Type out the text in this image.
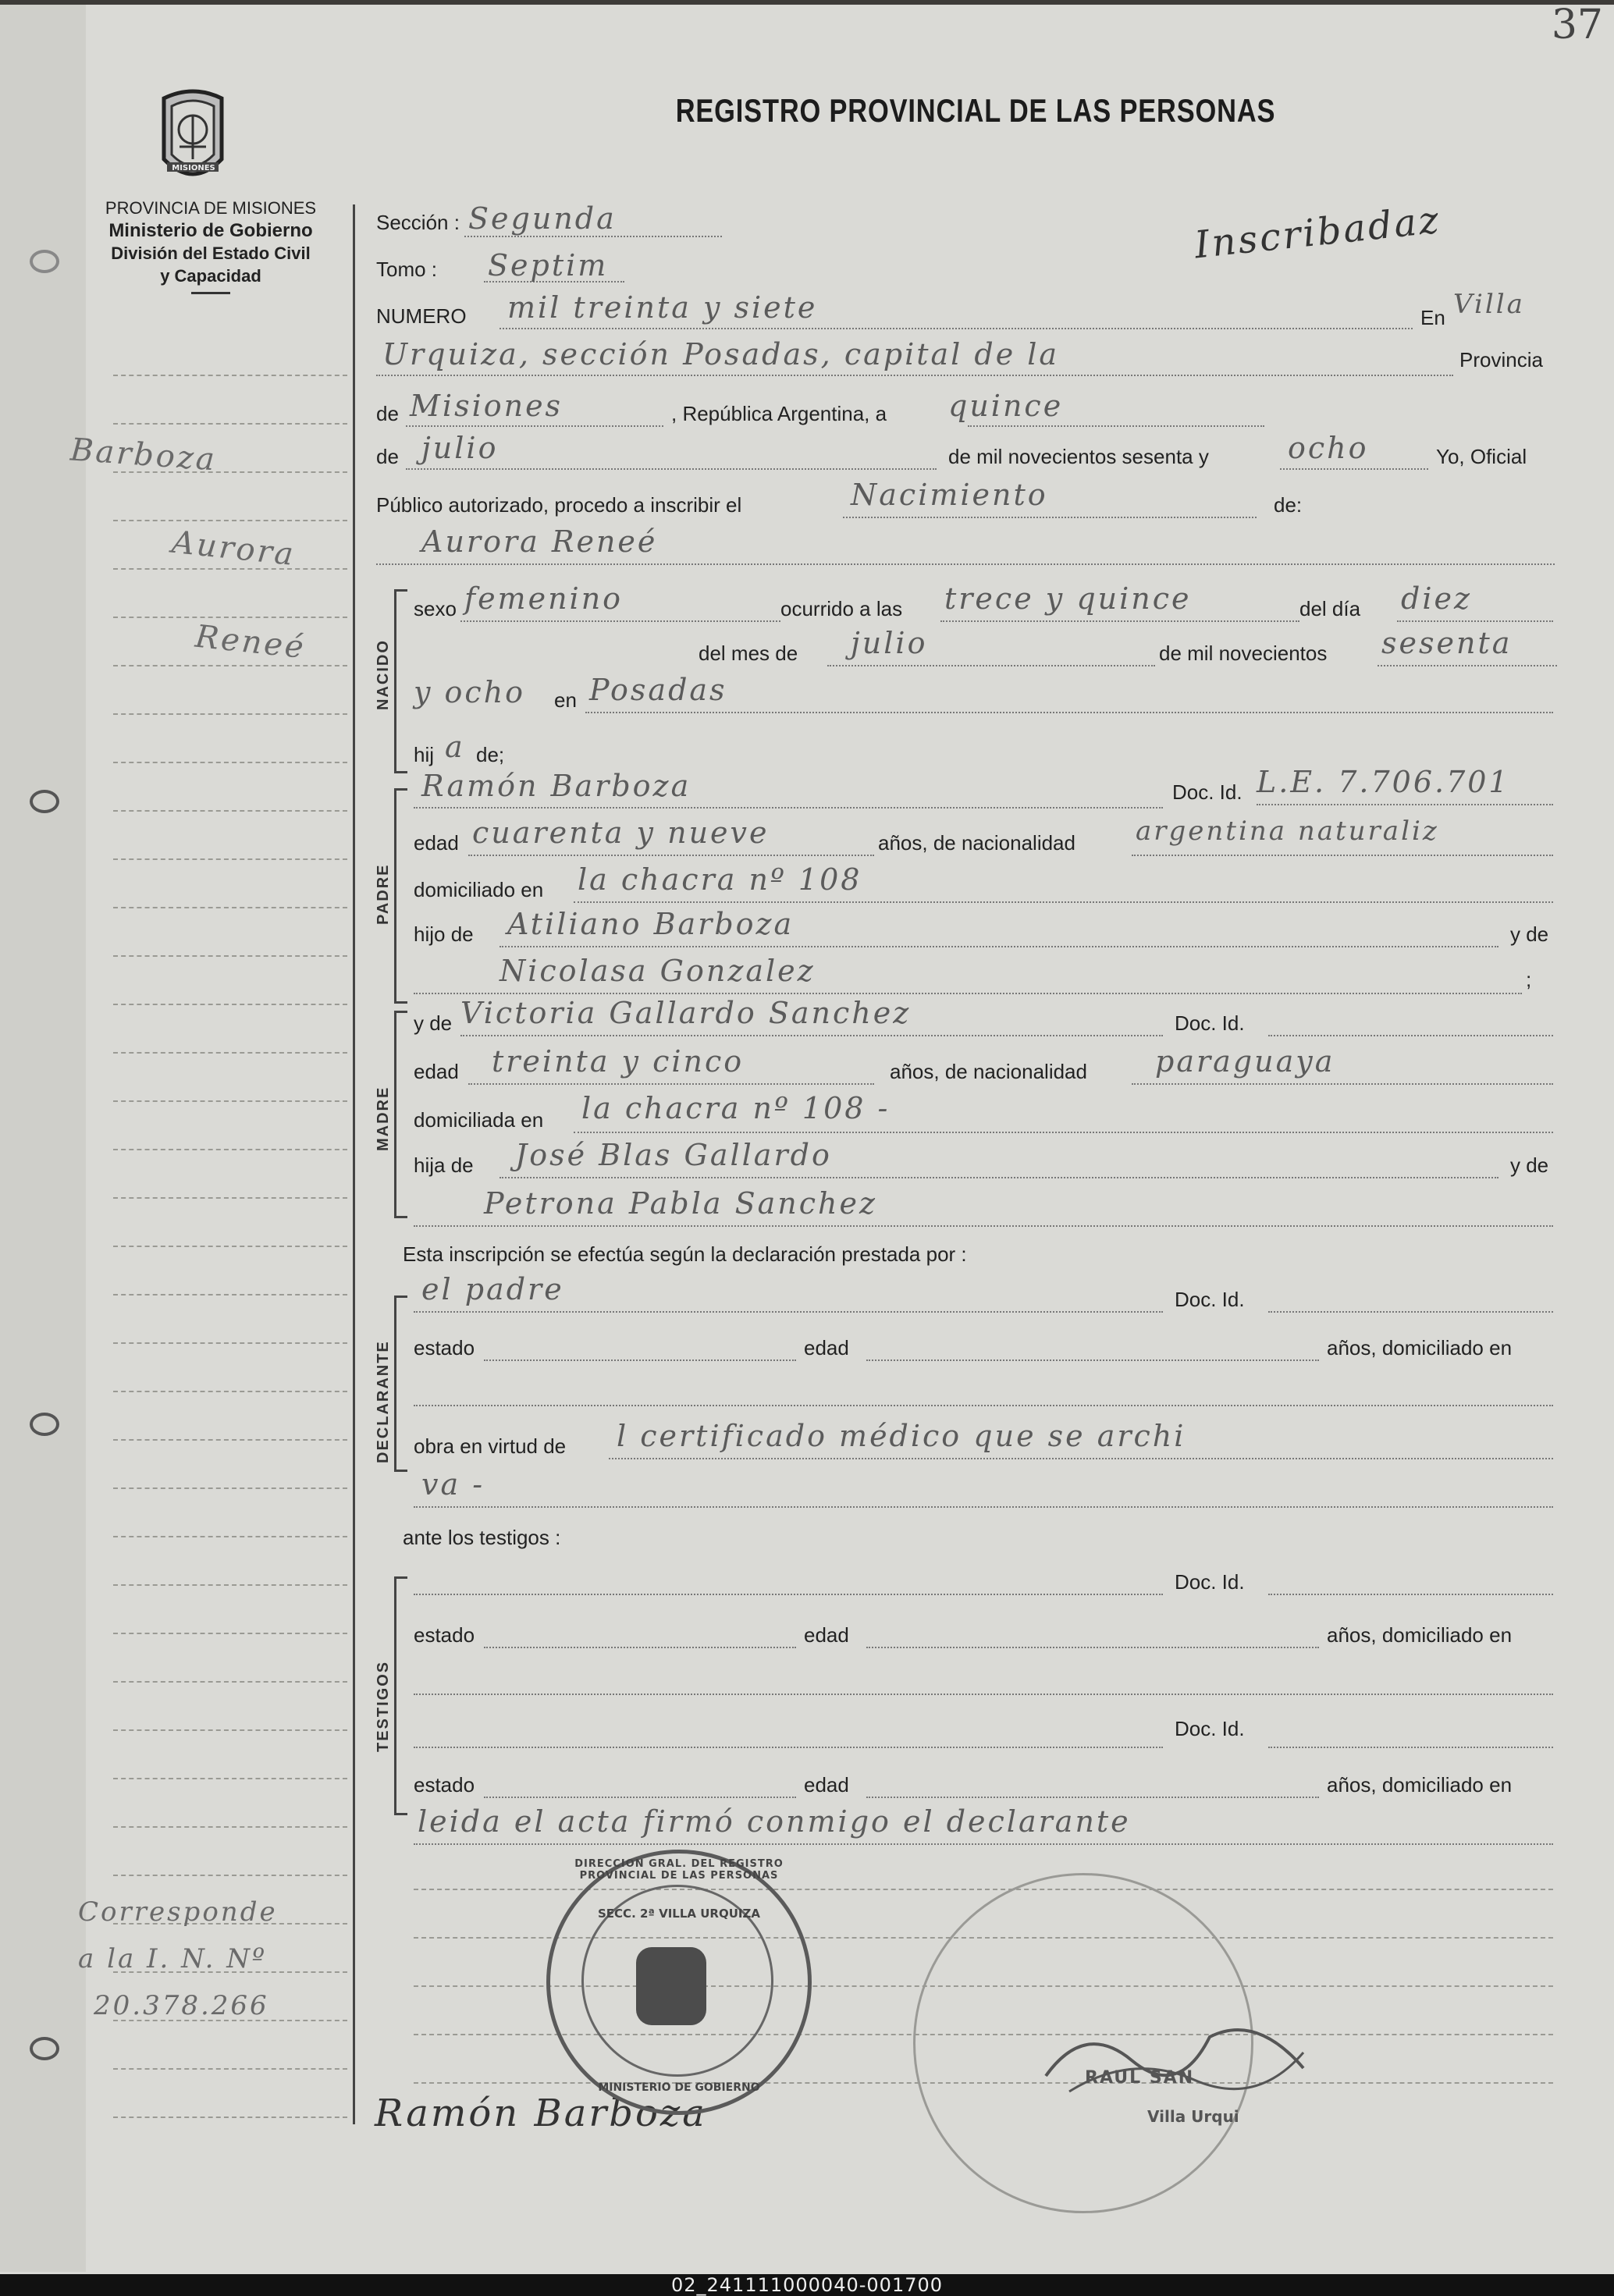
37
MISIONES
PROVINCIA DE MISIONES
Ministerio de Gobierno
División del Estado Civil
y Capacidad
REGISTRO PROVINCIAL DE LAS PERSONAS
Barboza
Aurora
Reneé
Corresponde
a la I. N. Nº
20.378.266
Ramón Barboza
NACIDO
PADRE
MADRE
DECLARANTE
TESTIGOS
Sección : Segunda
Tomo : Septim	Inscribadaz
NUMERO mil treinta y siete	En Villa
Urquiza, sección Posadas, capital de la	Provincia
de Misiones	, República Argentina, a quince
de julio	de mil novecientos sesenta y	ocho	Yo, Oficial
Público autorizado, procedo a inscribir el	Nacimiento	de:
Aurora Reneé
sexo femenino	ocurrido a las trece y quince	del día diez
del mes de julio	de mil novecientos sesenta
y ocho en Posadas
hij a de;
Ramón Barboza	Doc. Id. L.E. 7.706.701
edad cuarenta y nueve	años, de nacionalidad argentina naturaliz
domiciliado en la chacra nº 108
hijo de Atiliano Barboza	y de
Nicolasa Gonzalez	;
y de Victoria Gallardo Sanchez	Doc. Id.
edad treinta y cinco	años, de nacionalidad paraguaya
domiciliada en la chacra nº 108 -
hija de José Blas Gallardo	y de
Petrona Pabla Sanchez
Esta inscripción se efectúa según la declaración prestada por :
el padre	Doc. Id.
estado	edad	años, domiciliado en
obra en virtud de l certificado médico que se archi
va -
ante los testigos :
Doc. Id.
estado	edad	años, domiciliado en
Doc. Id.
estado	edad	años, domiciliado en
leida el acta firmó conmigo el declarante
DIRECCION GRAL. DEL REGISTRO PROVINCIAL DE LAS PERSONAS
SECC. 2ª VILLA URQUIZA
MINISTERIO DE GOBIERNO	RAUL SAN
Villa Urqui
02_241111000040-001700
